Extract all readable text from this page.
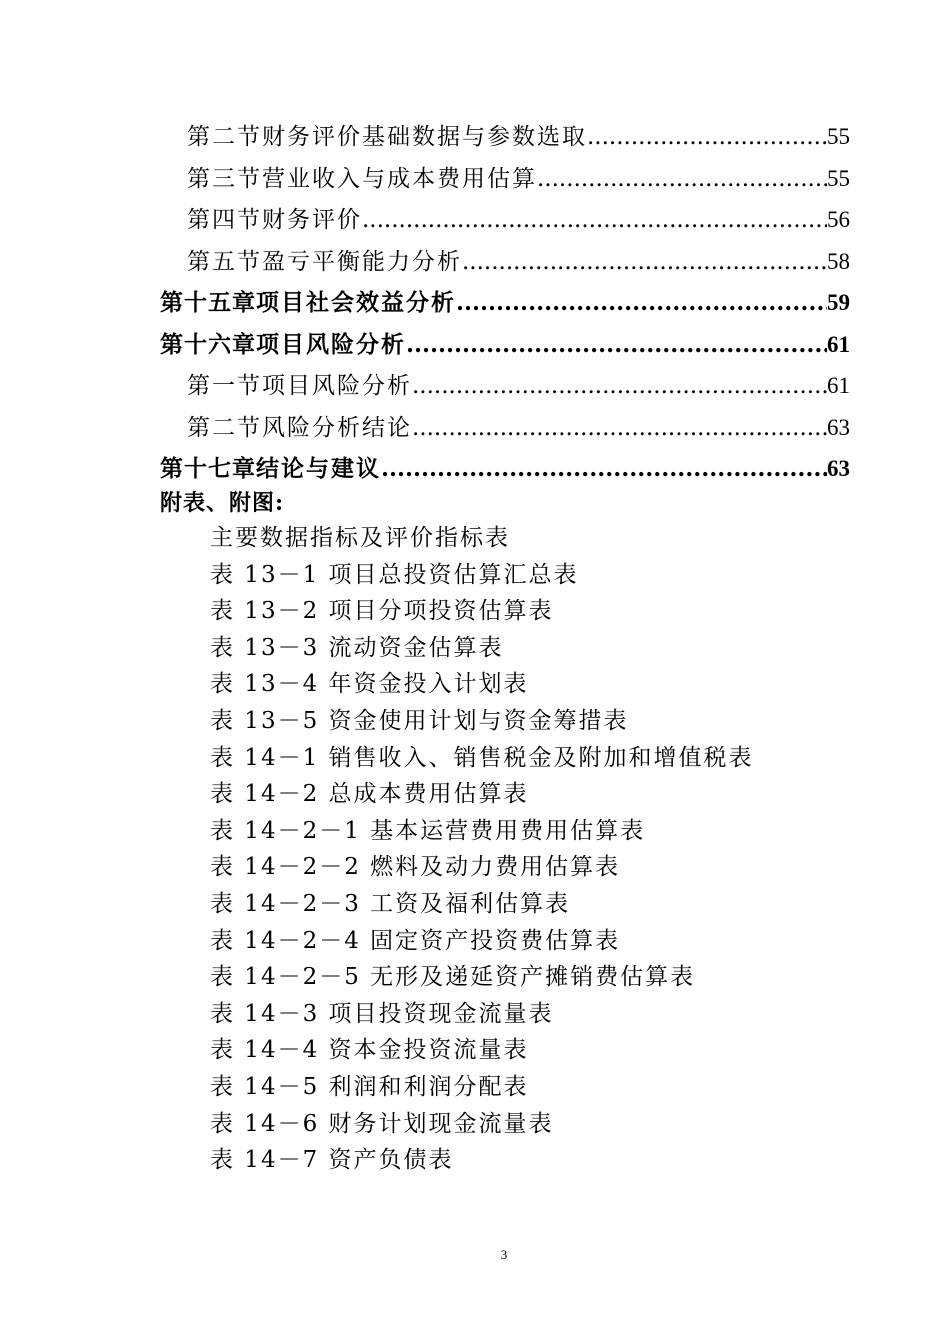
第二节 财务评价基础数据与参数选取 .....	55
第三节 营业收入与成本费用估算 .....	55
第四节 财务评价 .....	56
第五节 盈亏平衡能力分析 .....	58
第十五章 项目社会效益分析 .....	59
第十六章 项目风险分析 .....	61
第一节 项目风险分析 .....	61
第二节 风险分析结论 .....	63
第十七章 结论与建议 .....	63
附表、附图:
主要数据指标及评价指标表
表 13－1 项目总投资估算汇总表
表 13－2 项目分项投资估算表
表 13－3 流动资金估算表
表 13－4 年资金投入计划表
表 13－5 资金使用计划与资金筹措表
表 14－1 销售收入、销售税金及附加和增值税表
表 14－2 总成本费用估算表
表 14－2－1 基本运营费用费用估算表
表 14－2－2 燃料及动力费用估算表
表 14－2－3 工资及福利估算表
表 14－2－4 固定资产投资费估算表
表 14－2－5 无形及递延资产摊销费估算表
表 14－3 项目投资现金流量表
表 14－4 资本金投资流量表
表 14－5 利润和利润分配表
表 14－6 财务计划现金流量表
表 14－7 资产负债表
3
